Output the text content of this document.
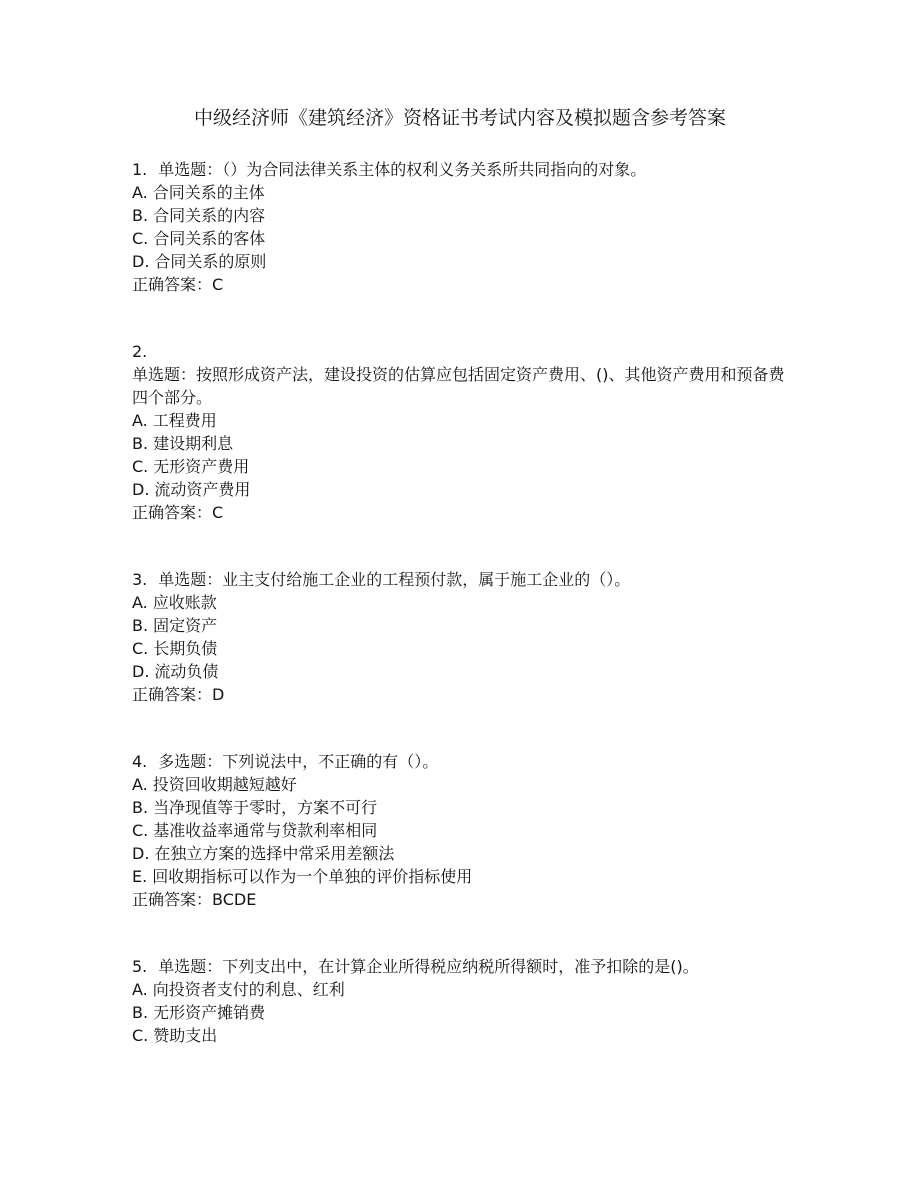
中级经济师《建筑经济》资格证书考试内容及模拟题含参考答案

1. 单选题：（）为合同法律关系主体的权利义务关系所共同指向的对象。

A. 合同关系的主体

B. 合同关系的内容

C. 合同关系的客体

D. 合同关系的原则

正确答案：C

2.

单选题：按照形成资产法，建设投资的估算应包括固定资产费用、()、其他资产费用和预备费四个部分。

A. 工程费用

B. 建设期利息

C. 无形资产费用

D. 流动资产费用

正确答案：C

3. 单选题：业主支付给施工企业的工程预付款，属于施工企业的（）。

A. 应收账款

B. 固定资产

C. 长期负债

D. 流动负债

正确答案：D

4. 多选题：下列说法中，不正确的有（）。

A. 投资回收期越短越好

B. 当净现值等于零时，方案不可行

C. 基准收益率通常与贷款利率相同

D. 在独立方案的选择中常采用差额法

E. 回收期指标可以作为一个单独的评价指标使用

正确答案：BCDE

5. 单选题：下列支出中，在计算企业所得税应纳税所得额时，准予扣除的是()。

A. 向投资者支付的利息、红利

B. 无形资产摊销费

C. 赞助支出
